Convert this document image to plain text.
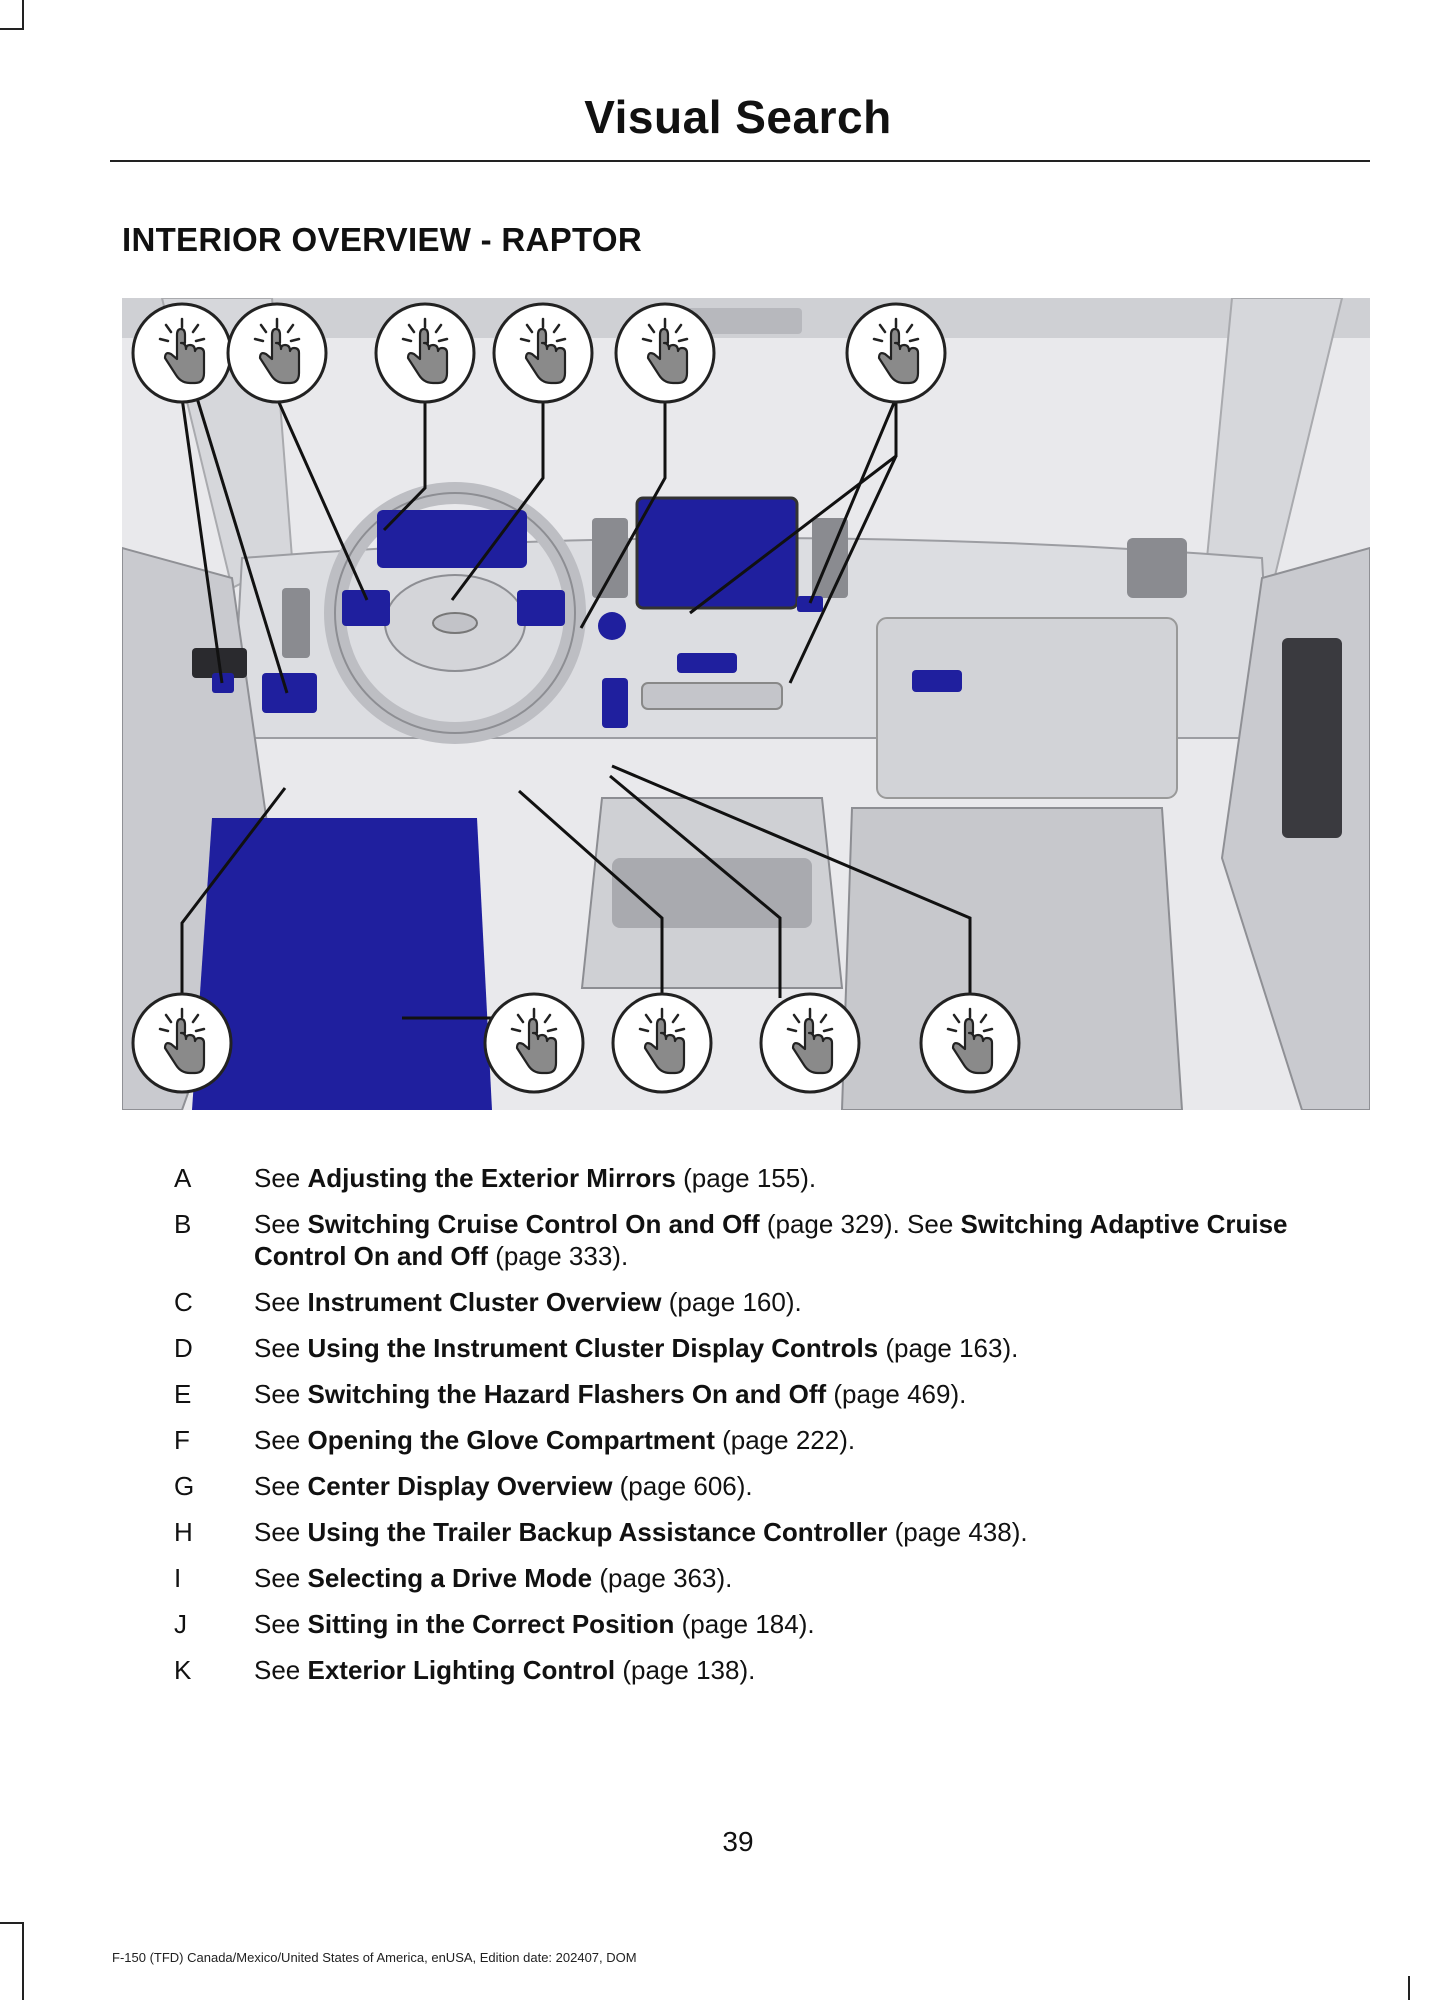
Visual Search
INTERIOR OVERVIEW - RAPTOR
A See Adjusting the Exterior Mirrors (page 155).
B See Switching Cruise Control On and Off (page 329). See Switching Adaptive Cruise Control On and Off (page 333).
C See Instrument Cluster Overview (page 160).
D See Using the Instrument Cluster Display Controls (page 163).
E See Switching the Hazard Flashers On and Off (page 469).
F See Opening the Glove Compartment (page 222).
G See Center Display Overview (page 606).
H See Using the Trailer Backup Assistance Controller (page 438).
I	See Selecting a Drive Mode (page 363).
J	See Sitting in the Correct Position (page 184).
K See Exterior Lighting Control (page 138).
39
F-150 (TFD) Canada/Mexico/United States of America, enUSA, Edition date: 202407, DOM
